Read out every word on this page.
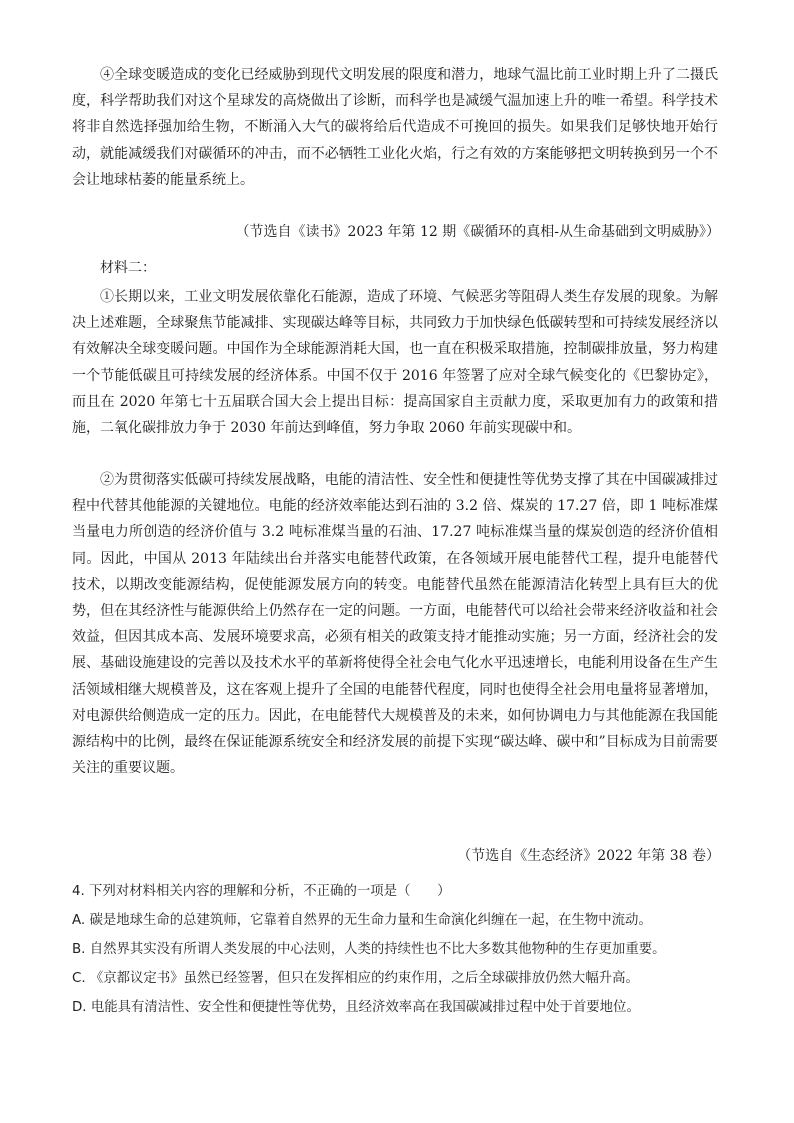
④全球变暖造成的变化已经威胁到现代文明发展的限度和潜力，地球气温比前工业时期上升了二摄氏度，科学帮助我们对这个星球发的高烧做出了诊断，而科学也是减缓气温加速上升的唯一希望。科学技术将非自然选择强加给生物，不断涌入大气的碳将给后代造成不可挽回的损失。如果我们足够快地开始行动，就能减缓我们对碳循环的冲击，而不必牺牲工业化火焰，行之有效的方案能够把文明转换到另一个不会让地球枯萎的能量系统上。

（节选自《读书》2023 年第 12 期《碳循环的真相-从生命基础到文明威胁》）

材料二：

①长期以来，工业文明发展依靠化石能源，造成了环境、气候恶劣等阻碍人类生存发展的现象。为解决上述难题，全球聚焦节能减排、实现碳达峰等目标，共同致力于加快绿色低碳转型和可持续发展经济以有效解决全球变暖问题。中国作为全球能源消耗大国，也一直在积极采取措施，控制碳排放量，努力构建一个节能低碳且可持续发展的经济体系。中国不仅于 2016 年签署了应对全球气候变化的《巴黎协定》，而且在 2020 年第七十五届联合国大会上提出目标：提高国家自主贡献力度，采取更加有力的政策和措施，二氧化碳排放力争于 2030 年前达到峰值，努力争取 2060 年前实现碳中和。

②为贯彻落实低碳可持续发展战略，电能的清洁性、安全性和便捷性等优势支撑了其在中国碳减排过程中代替其他能源的关键地位。电能的经济效率能达到石油的 3.2 倍、煤炭的 17.27 倍，即 1 吨标准煤当量电力所创造的经济价值与 3.2 吨标准煤当量的石油、17.27 吨标准煤当量的煤炭创造的经济价值相同。因此，中国从 2013 年陆续出台并落实电能替代政策，在各领域开展电能替代工程，提升电能替代技术，以期改变能源结构，促使能源发展方向的转变。电能替代虽然在能源清洁化转型上具有巨大的优势，但在其经济性与能源供给上仍然存在一定的问题。一方面，电能替代可以给社会带来经济收益和社会效益，但因其成本高、发展环境要求高，必须有相关的政策支持才能推动实施；另一方面，经济社会的发展、基础设施建设的完善以及技术水平的革新将使得全社会电气化水平迅速增长，电能利用设备在生产生活领域相继大规模普及，这在客观上提升了全国的电能替代程度，同时也使得全社会用电量将显著增加，对电源供给侧造成一定的压力。因此，在电能替代大规模普及的未来，如何协调电力与其他能源在我国能源结构中的比例，最终在保证能源系统安全和经济发展的前提下实现“碳达峰、碳中和”目标成为目前需要关注的重要议题。

（节选自《生态经济》2022 年第 38 卷）

4. 下列对材料相关内容的理解和分析，不正确的一项是（　　）

A. 碳是地球生命的总建筑师，它靠着自然界的无生命力量和生命演化纠缠在一起，在生物中流动。

B. 自然界其实没有所谓人类发展的中心法则，人类的持续性也不比大多数其他物种的生存更加重要。

C. 《京都议定书》虽然已经签署，但只在发挥相应的约束作用，之后全球碳排放仍然大幅升高。

D. 电能具有清洁性、安全性和便捷性等优势，且经济效率高在我国碳减排过程中处于首要地位。
